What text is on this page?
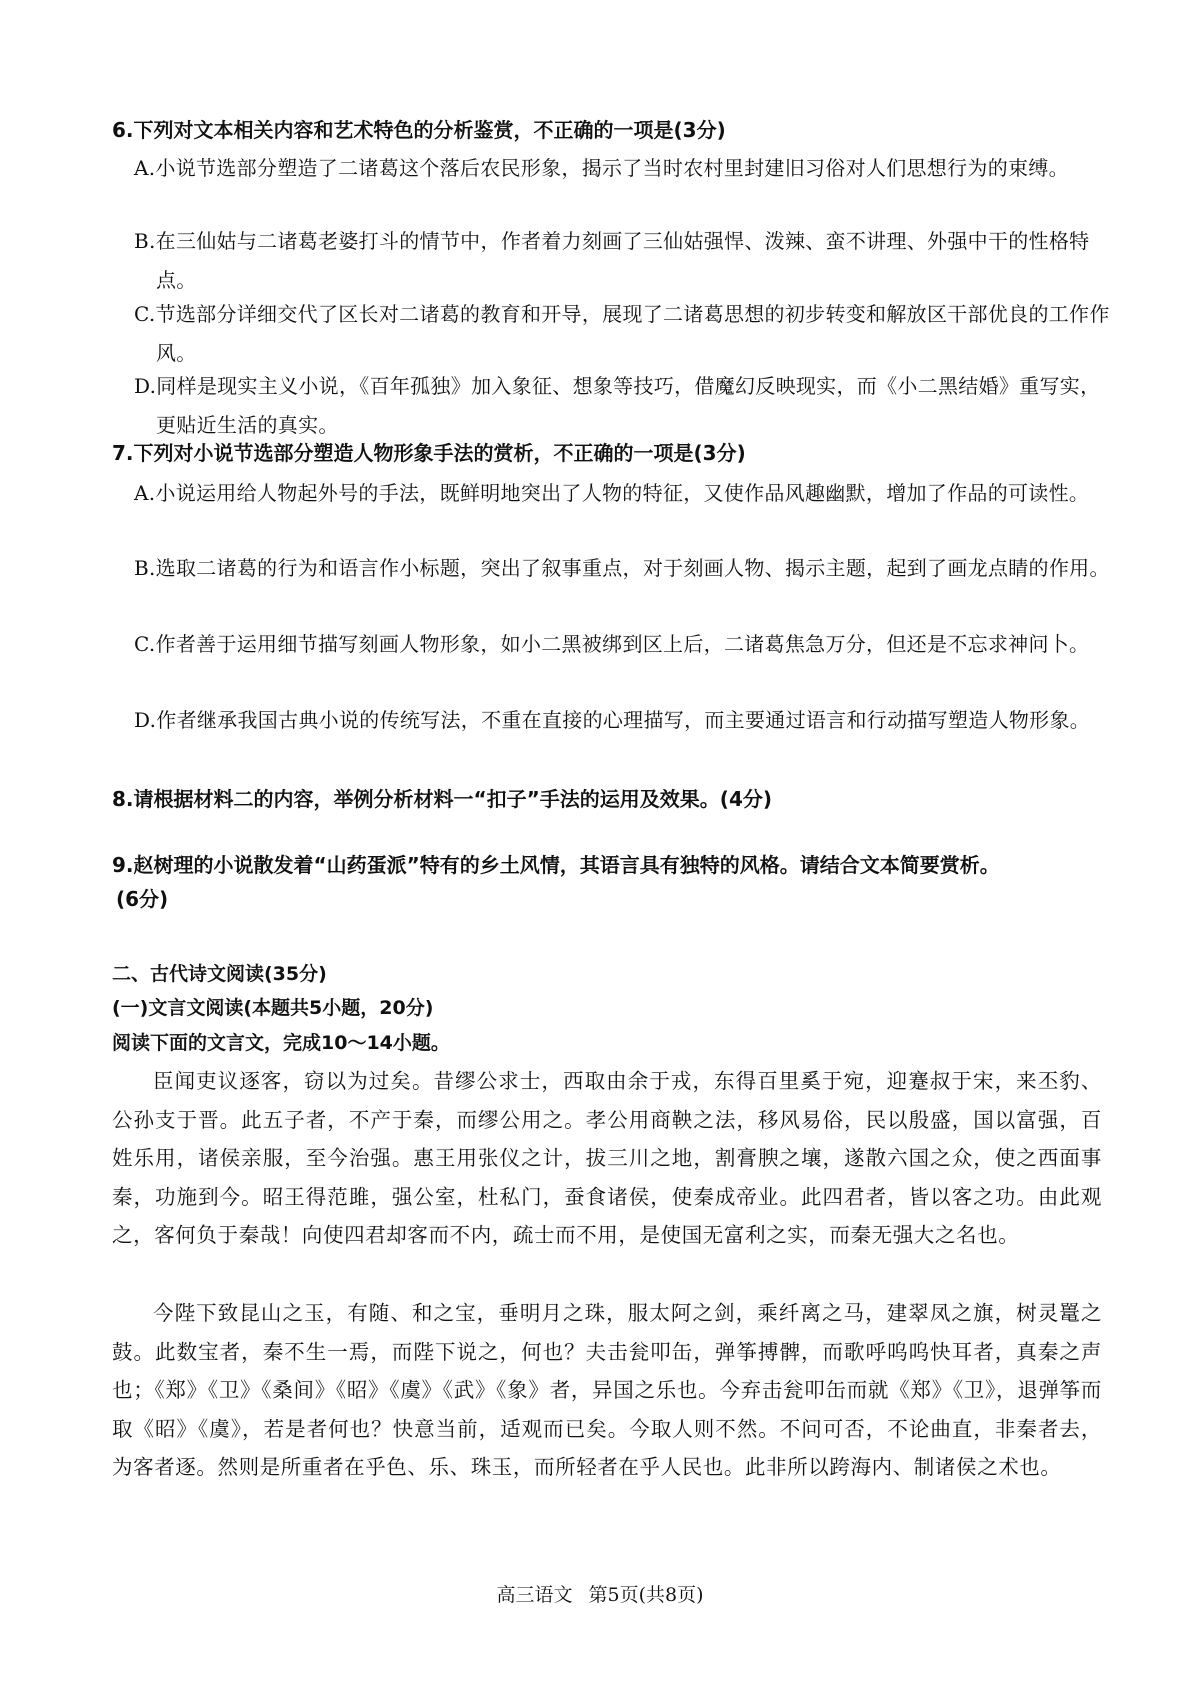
6.下列对文本相关内容和艺术特色的分析鉴赏，不正确的一项是(3分)
A.小说节选部分塑造了二诸葛这个落后农民形象，揭示了当时农村里封建旧习俗对人们思想行为的束缚。
B.在三仙姑与二诸葛老婆打斗的情节中，作者着力刻画了三仙姑强悍、泼辣、蛮不讲理、外强中干的性格特点。
C.节选部分详细交代了区长对二诸葛的教育和开导，展现了二诸葛思想的初步转变和解放区干部优良的工作作风。
D.同样是现实主义小说，《百年孤独》加入象征、想象等技巧，借魔幻反映现实，而《小二黑结婚》重写实，更贴近生活的真实。
7.下列对小说节选部分塑造人物形象手法的赏析，不正确的一项是(3分)
A.小说运用给人物起外号的手法，既鲜明地突出了人物的特征，又使作品风趣幽默，增加了作品的可读性。
B.选取二诸葛的行为和语言作小标题，突出了叙事重点，对于刻画人物、揭示主题，起到了画龙点睛的作用。
C.作者善于运用细节描写刻画人物形象，如小二黑被绑到区上后，二诸葛焦急万分，但还是不忘求神问卜。
D.作者继承我国古典小说的传统写法，不重在直接的心理描写，而主要通过语言和行动描写塑造人物形象。
8.请根据材料二的内容，举例分析材料一“扣子”手法的运用及效果。(4分)
9.赵树理的小说散发着“山药蛋派”特有的乡土风情，其语言具有独特的风格。请结合文本简要赏析。
(6分)
二、古代诗文阅读(35分)
(一)文言文阅读(本题共5小题，20分)
阅读下面的文言文，完成10～14小题。
臣闻吏议逐客，窃以为过矣。昔缪公求士，西取由余于戎，东得百里奚于宛，迎蹇叔于宋，来丕豹、公孙支于晋。此五子者，不产于秦，而缪公用之。孝公用商鞅之法，移风易俗，民以殷盛，国以富强，百姓乐用，诸侯亲服，至今治强。惠王用张仪之计，拔三川之地，割膏腴之壤，遂散六国之众，使之西面事秦，功施到今。昭王得范雎，强公室，杜私门，蚕食诸侯，使秦成帝业。此四君者，皆以客之功。由此观之，客何负于秦哉！向使四君却客而不内，疏士而不用，是使国无富利之实，而秦无强大之名也。
今陛下致昆山之玉，有随、和之宝，垂明月之珠，服太阿之剑，乘纤离之马，建翠凤之旗，树灵鼍之鼓。此数宝者，秦不生一焉，而陛下说之，何也？夫击瓮叩缶，弹筝搏髀，而歌呼呜呜快耳者，真秦之声也；《郑》《卫》《桑间》《昭》《虞》《武》《象》者，异国之乐也。今弃击瓮叩缶而就《郑》《卫》，退弹筝而取《昭》《虞》，若是者何也？快意当前，适观而已矣。今取人则不然。不问可否，不论曲直，非秦者去，为客者逐。然则是所重者在乎色、乐、珠玉，而所轻者在乎人民也。此非所以跨海内、制诸侯之术也。
高三语文 第5页(共8页)
